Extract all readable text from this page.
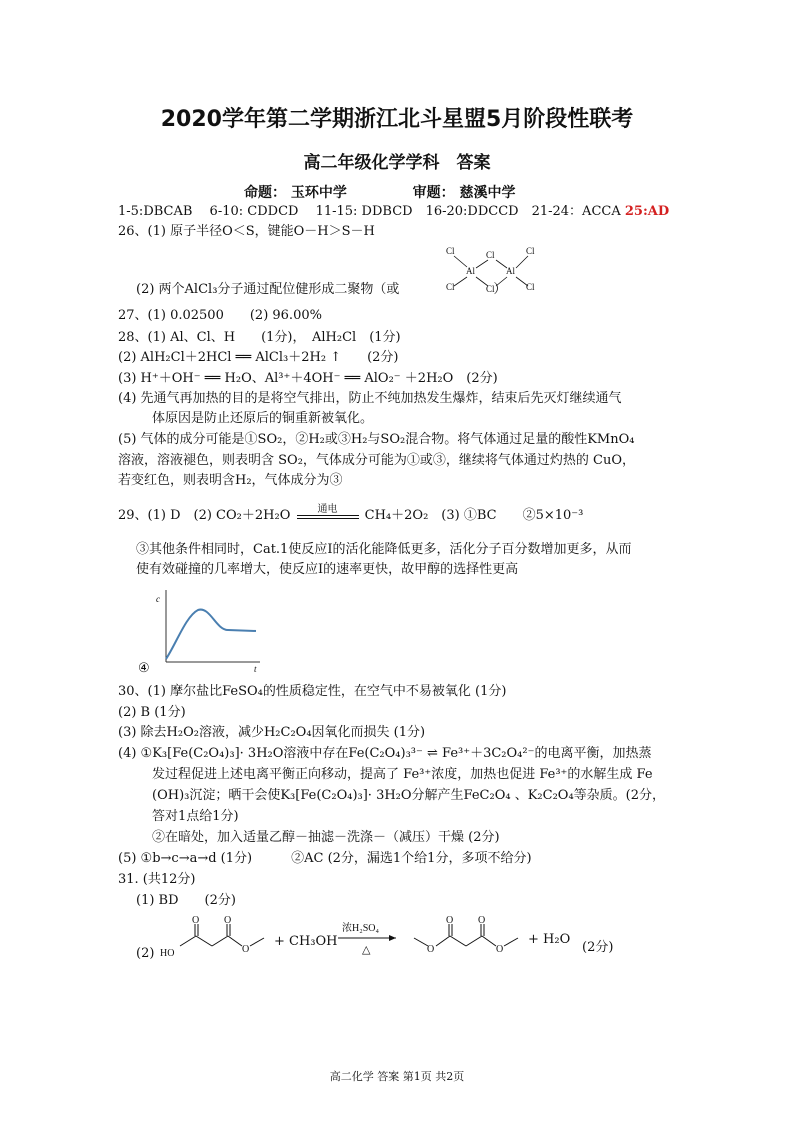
2020学年第二学期浙江北斗星盟5月阶段性联考
高二年级化学学科　答案
命题： 玉环中学	审题： 慈溪中学
1-5:DBCAB　 6-10: CDDCD　 11-15: DDBCD　16-20:DDCCD　21-24：ACCA 25:AD
26、(1) 原子半径O＜S，键能O－H＞S－H
Cl	Cl	Cl
Al	Al
Cl	Cl	Cl
(2) 两个AlCl₃分子通过配位健形成二聚物（或	）
27、(1) 0.02500　　(2) 96.00%
28、(1) Al、Cl、H　　(1分)，　AlH₂Cl　(1分)
(2) AlH₂Cl＋2HCl ══ AlCl₃＋2H₂ ↑　　(2分)
(3) H⁺＋OH⁻ ══ H₂O、Al³⁺＋4OH⁻ ══ AlO₂⁻ ＋2H₂O　(2分)
(4) 先通气再加热的目的是将空气排出，防止不纯加热发生爆炸，结束后先灭灯继续通气
体原因是防止还原后的铜重新被氧化。
(5) 气体的成分可能是①SO₂，②H₂或③H₂与SO₂混合物。将气体通过足量的酸性KMnO₄
溶液，溶液褪色，则表明含 SO₂，气体成分可能为①或③，继续将气体通过灼热的 CuO，
若变红色，则表明含H₂，气体成分为③
29、(1) D　(2) CO₂＋2H₂O	通电	CH₄＋2O₂　(3) ①BC　　②5×10⁻³
③其他条件相同时，Cat.1使反应Ⅰ的活化能降低更多，活化分子百分数增加更多，从而
使有效碰撞的几率增大，使反应Ⅰ的速率更快，故甲醇的选择性更高
c
t
④
30、(1) 摩尔盐比FeSO₄的性质稳定性，在空气中不易被氧化 (1分)
(2) B (1分)
(3) 除去H₂O₂溶液，减少H₂C₂O₄因氧化而损失 (1分)
(4) ①K₃[Fe(C₂O₄)₃]· 3H₂O溶液中存在Fe(C₂O₄)₃³⁻ ⇌ Fe³⁺＋3C₂O₄²⁻的电离平衡，加热蒸
发过程促进上述电离平衡正向移动，提高了 Fe³⁺浓度，加热也促进 Fe³⁺的水解生成 Fe
(OH)₃沉淀；晒干会使K₃[Fe(C₂O₄)₃]· 3H₂O分解产生FeC₂O₄ 、K₂C₂O₄等杂质。(2分，
答对1点给1分)
②在暗处，加入适量乙醇－抽滤－洗涤－（减压）干燥 (2分)
(5) ①b→c→a→d (1分)　　　②AC (2分，漏选1个给1分，多项不给分)
31. (共12分)
(1) BD　　(2分)
(2) HO
O O
O
+ CH₃OH
浓H₂SO₄
△	O
O O
O
+ H₂O
(2分)
高二化学 答案 第1页 共2页
